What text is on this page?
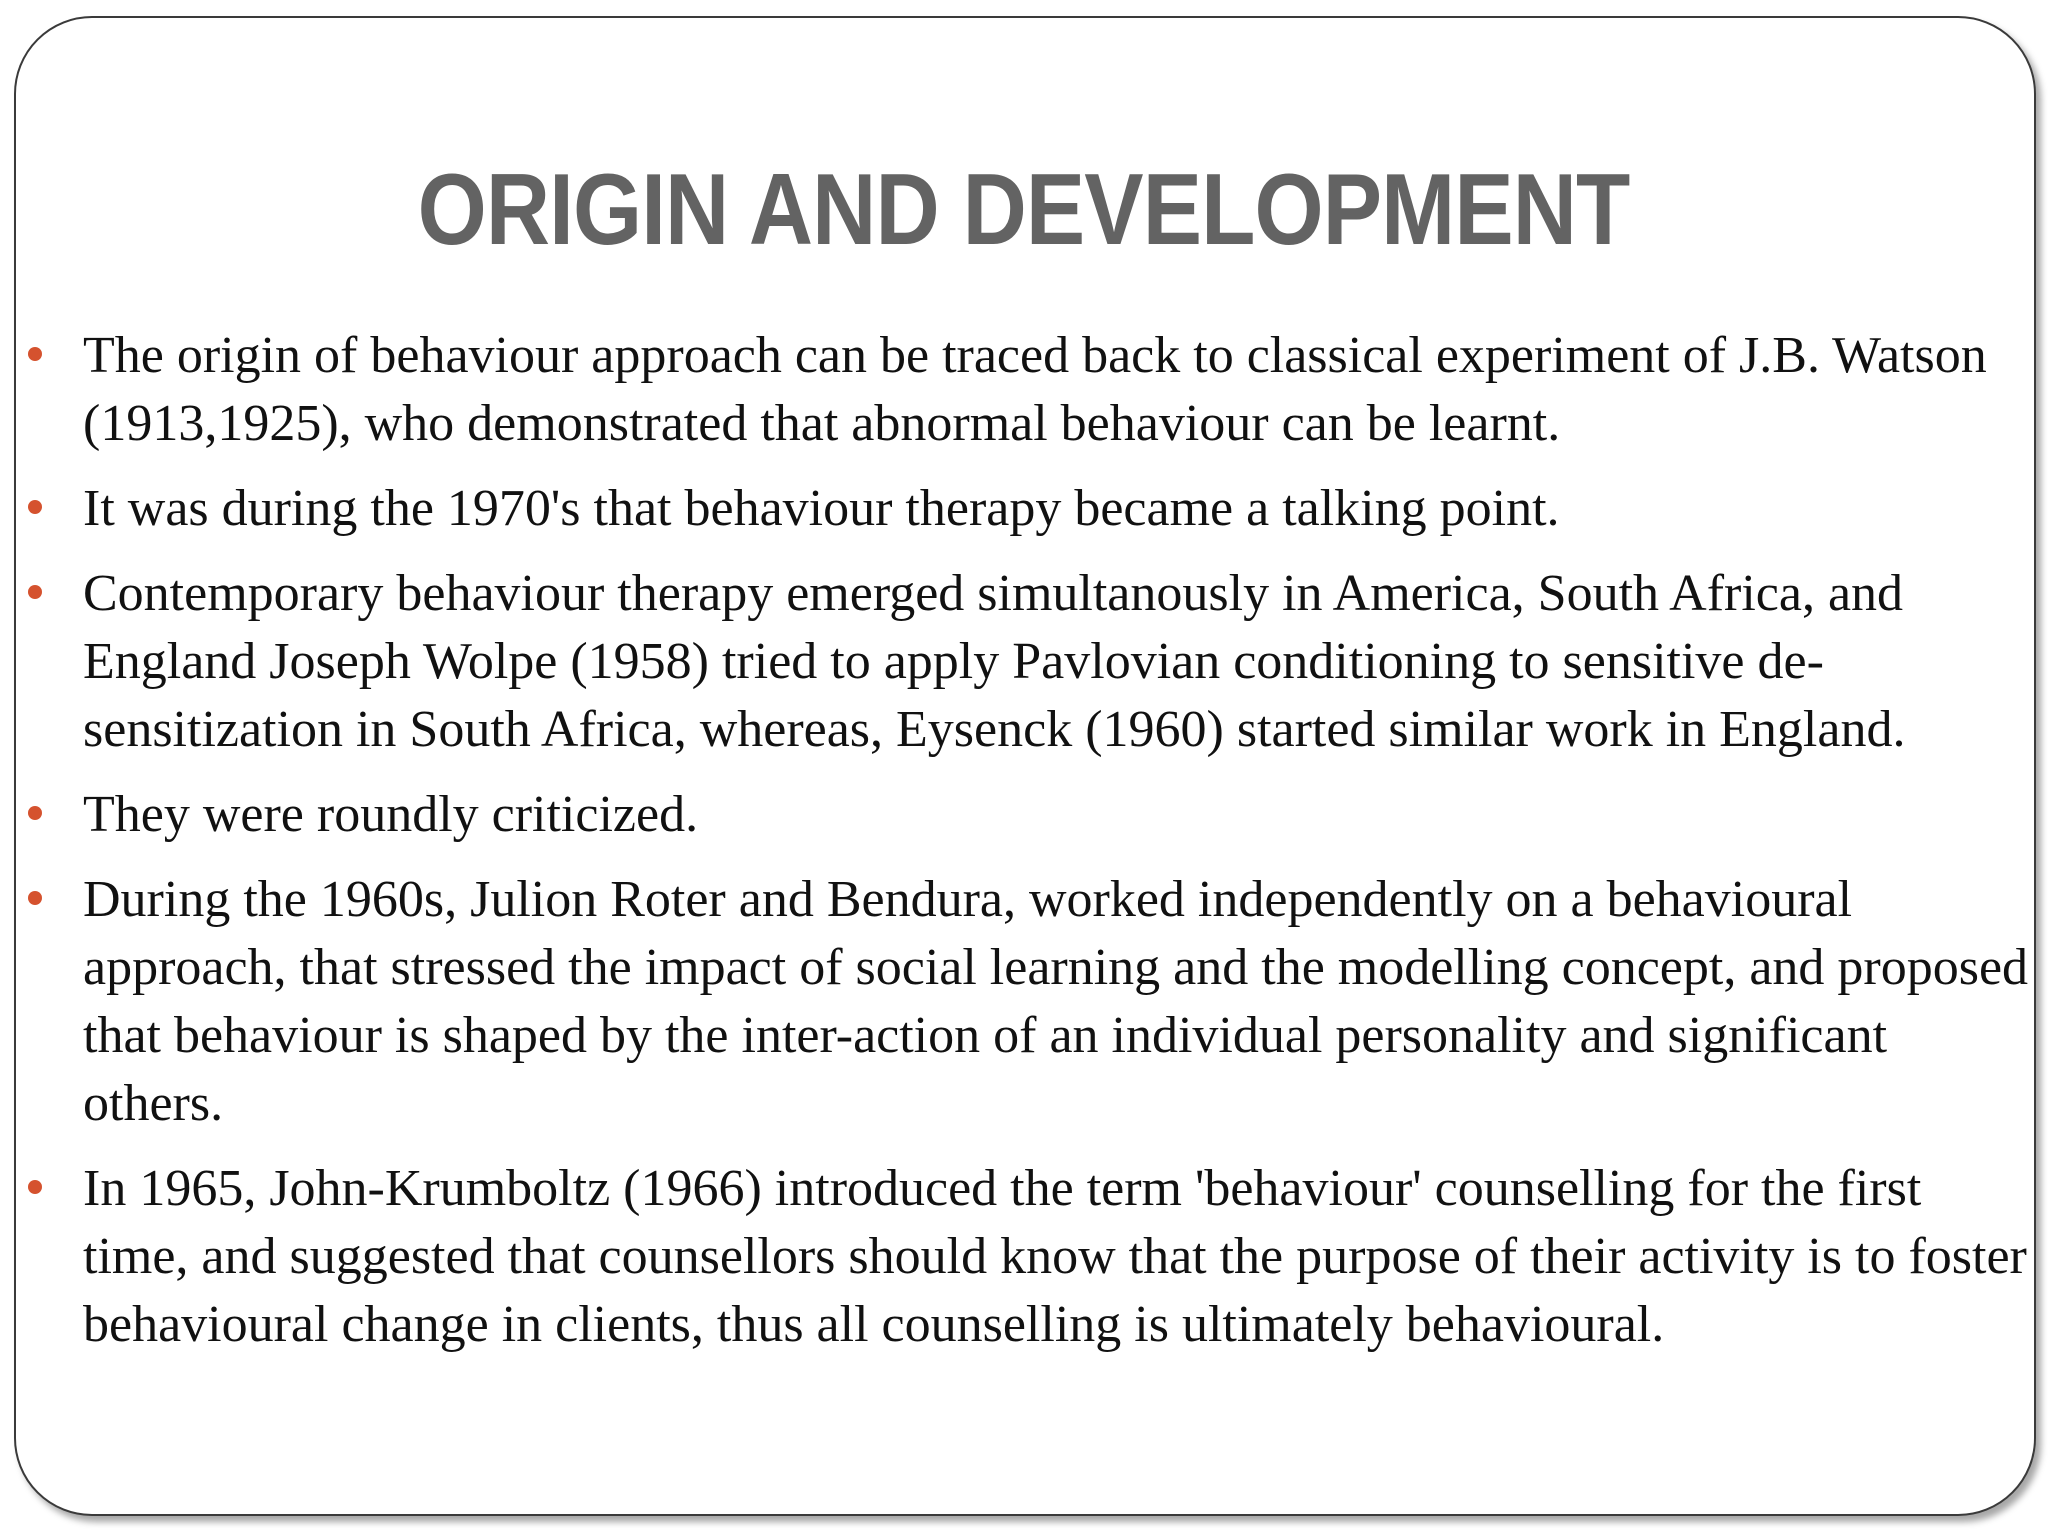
ORIGIN AND DEVELOPMENT
The origin of behaviour approach can be traced back to classical experiment of J.B. Watson (1913,1925), who demonstrated that abnormal behaviour can be learnt.
It was during the 1970's that behaviour therapy became a talking point.
Contemporary behaviour therapy emerged simultanously in America, South Africa, and England Joseph Wolpe (1958) tried to apply Pavlovian conditioning to sensitive de-sensitization in South Africa, whereas, Eysenck (1960) started similar work in England.
They were roundly criticized.
During the 1960s, Julion Roter and Bendura, worked independently on a behavioural approach, that stressed the impact of social learning and the modelling concept, and proposed that behaviour is shaped by the inter-action of an individual personality and significant others.
In 1965, John-Krumboltz (1966) introduced the term 'behaviour' counselling for the first time, and suggested that counsellors should know that the purpose of their activity is to foster behavioural change in clients, thus all counselling is ultimately behavioural.
